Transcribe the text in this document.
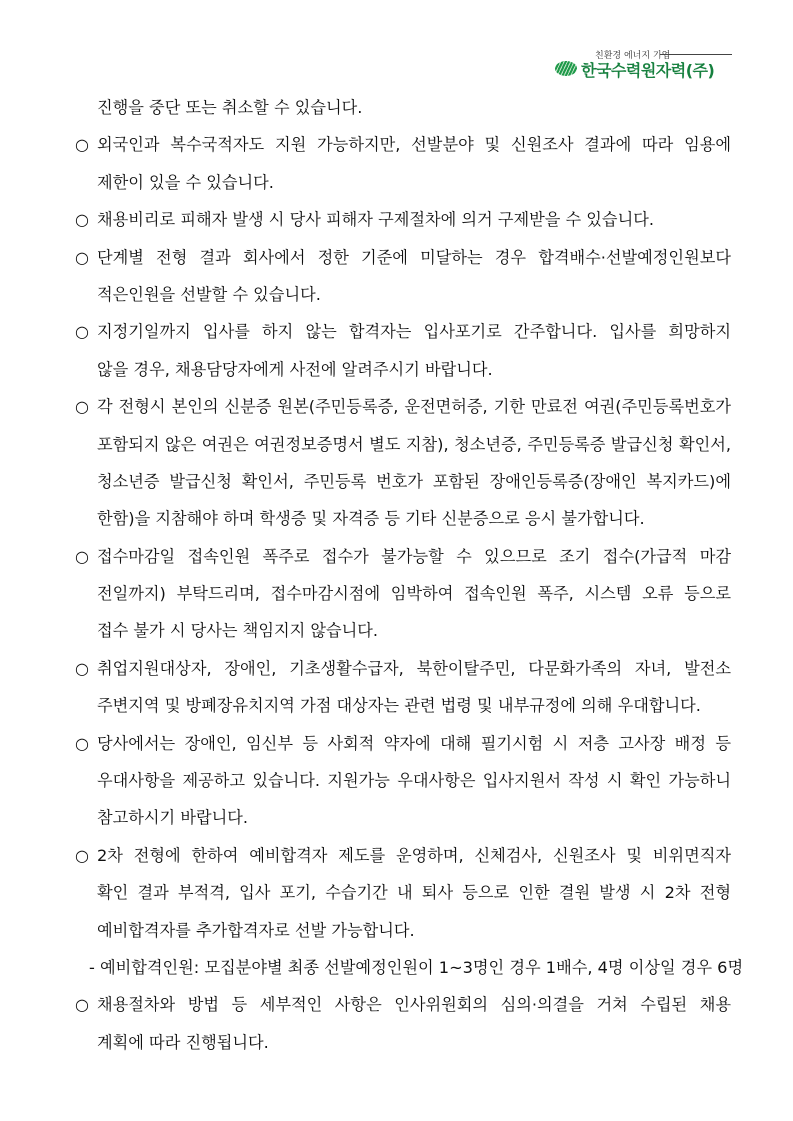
친환경 에너지 기업
한국수력원자력(주)
진행을 중단 또는 취소할 수 있습니다.
○ 외국인과 복수국적자도 지원 가능하지만, 선발분야 및 신원조사 결과에 따라 임용에
제한이 있을 수 있습니다.
○ 채용비리로 피해자 발생 시 당사 피해자 구제절차에 의거 구제받을 수 있습니다.
○ 단계별 전형 결과 회사에서 정한 기준에 미달하는 경우 합격배수·선발예정인원보다
적은인원을 선발할 수 있습니다.
○ 지정기일까지 입사를 하지 않는 합격자는 입사포기로 간주합니다. 입사를 희망하지
않을 경우, 채용담당자에게 사전에 알려주시기 바랍니다.
○ 각 전형시 본인의 신분증 원본(주민등록증, 운전면허증, 기한 만료전 여권(주민등록번호가
포함되지 않은 여권은 여권정보증명서 별도 지참), 청소년증, 주민등록증 발급신청 확인서,
청소년증 발급신청 확인서, 주민등록 번호가 포함된 장애인등록증(장애인 복지카드)에
한함)을 지참해야 하며 학생증 및 자격증 등 기타 신분증으로 응시 불가합니다.
○ 접수마감일 접속인원 폭주로 접수가 불가능할 수 있으므로 조기 접수(가급적 마감
전일까지) 부탁드리며, 접수마감시점에 임박하여 접속인원 폭주, 시스템 오류 등으로
접수 불가 시 당사는 책임지지 않습니다.
○ 취업지원대상자, 장애인, 기초생활수급자, 북한이탈주민, 다문화가족의 자녀, 발전소
주변지역 및 방폐장유치지역 가점 대상자는 관련 법령 및 내부규정에 의해 우대합니다.
○ 당사에서는 장애인, 임신부 등 사회적 약자에 대해 필기시험 시 저층 고사장 배정 등
우대사항을 제공하고 있습니다. 지원가능 우대사항은 입사지원서 작성 시 확인 가능하니
참고하시기 바랍니다.
○ 2차 전형에 한하여 예비합격자 제도를 운영하며, 신체검사, 신원조사 및 비위면직자
확인 결과 부적격, 입사 포기, 수습기간 내 퇴사 등으로 인한 결원 발생 시 2차 전형
예비합격자를 추가합격자로 선발 가능합니다.
- 예비합격인원: 모집분야별 최종 선발예정인원이 1~3명인 경우 1배수, 4명 이상일 경우 6명
○ 채용절차와 방법 등 세부적인 사항은 인사위원회의 심의·의결을 거쳐 수립된 채용
계획에 따라 진행됩니다.
